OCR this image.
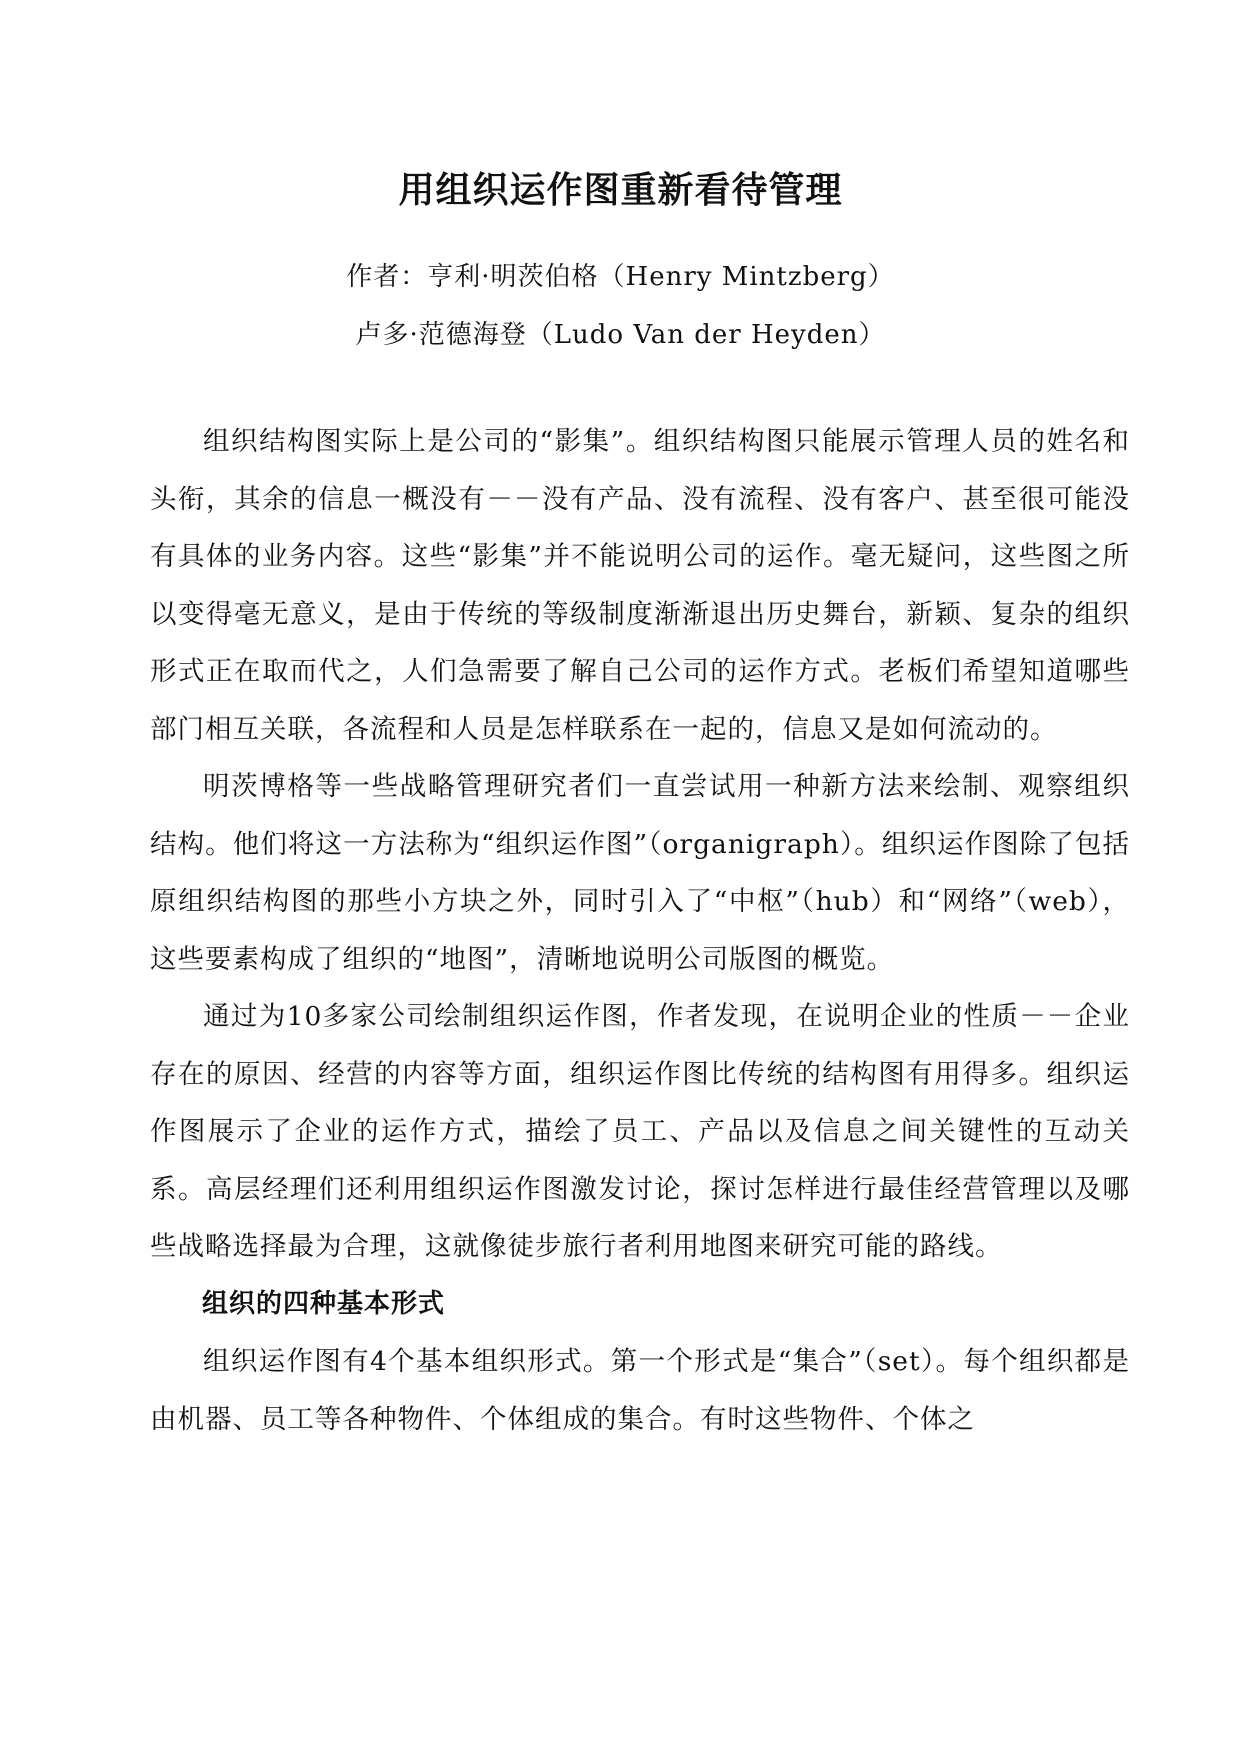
用组织运作图重新看待管理
作者：亨利·明茨伯格（Henry Mintzberg）
卢多·范德海登（Ludo Van der Heyden）

组织结构图实际上是公司的“影集”。组织结构图只能展示管理人员的姓名和头衔，其余的信息一概没有－－没有产品、没有流程、没有客户、甚至很可能没有具体的业务内容。这些“影集”并不能说明公司的运作。毫无疑问，这些图之所以变得毫无意义，是由于传统的等级制度渐渐退出历史舞台，新颖、复杂的组织形式正在取而代之，人们急需要了解自己公司的运作方式。老板们希望知道哪些部门相互关联，各流程和人员是怎样联系在一起的，信息又是如何流动的。

明茨博格等一些战略管理研究者们一直尝试用一种新方法来绘制、观察组织结构。他们将这一方法称为“组织运作图”（organigraph）。组织运作图除了包括原组织结构图的那些小方块之外，同时引入了“中枢”（hub）和“网络”（web），这些要素构成了组织的“地图”，清晰地说明公司版图的概览。

通过为10多家公司绘制组织运作图，作者发现，在说明企业的性质－－企业存在的原因、经营的内容等方面，组织运作图比传统的结构图有用得多。组织运作图展示了企业的运作方式，描绘了员工、产品以及信息之间关键性的互动关系。高层经理们还利用组织运作图激发讨论，探讨怎样进行最佳经营管理以及哪些战略选择最为合理，这就像徒步旅行者利用地图来研究可能的路线。

组织的四种基本形式

组织运作图有4个基本组织形式。第一个形式是“集合”（set）。每个组织都是由机器、员工等各种物件、个体组成的集合。有时这些物件、个体之
